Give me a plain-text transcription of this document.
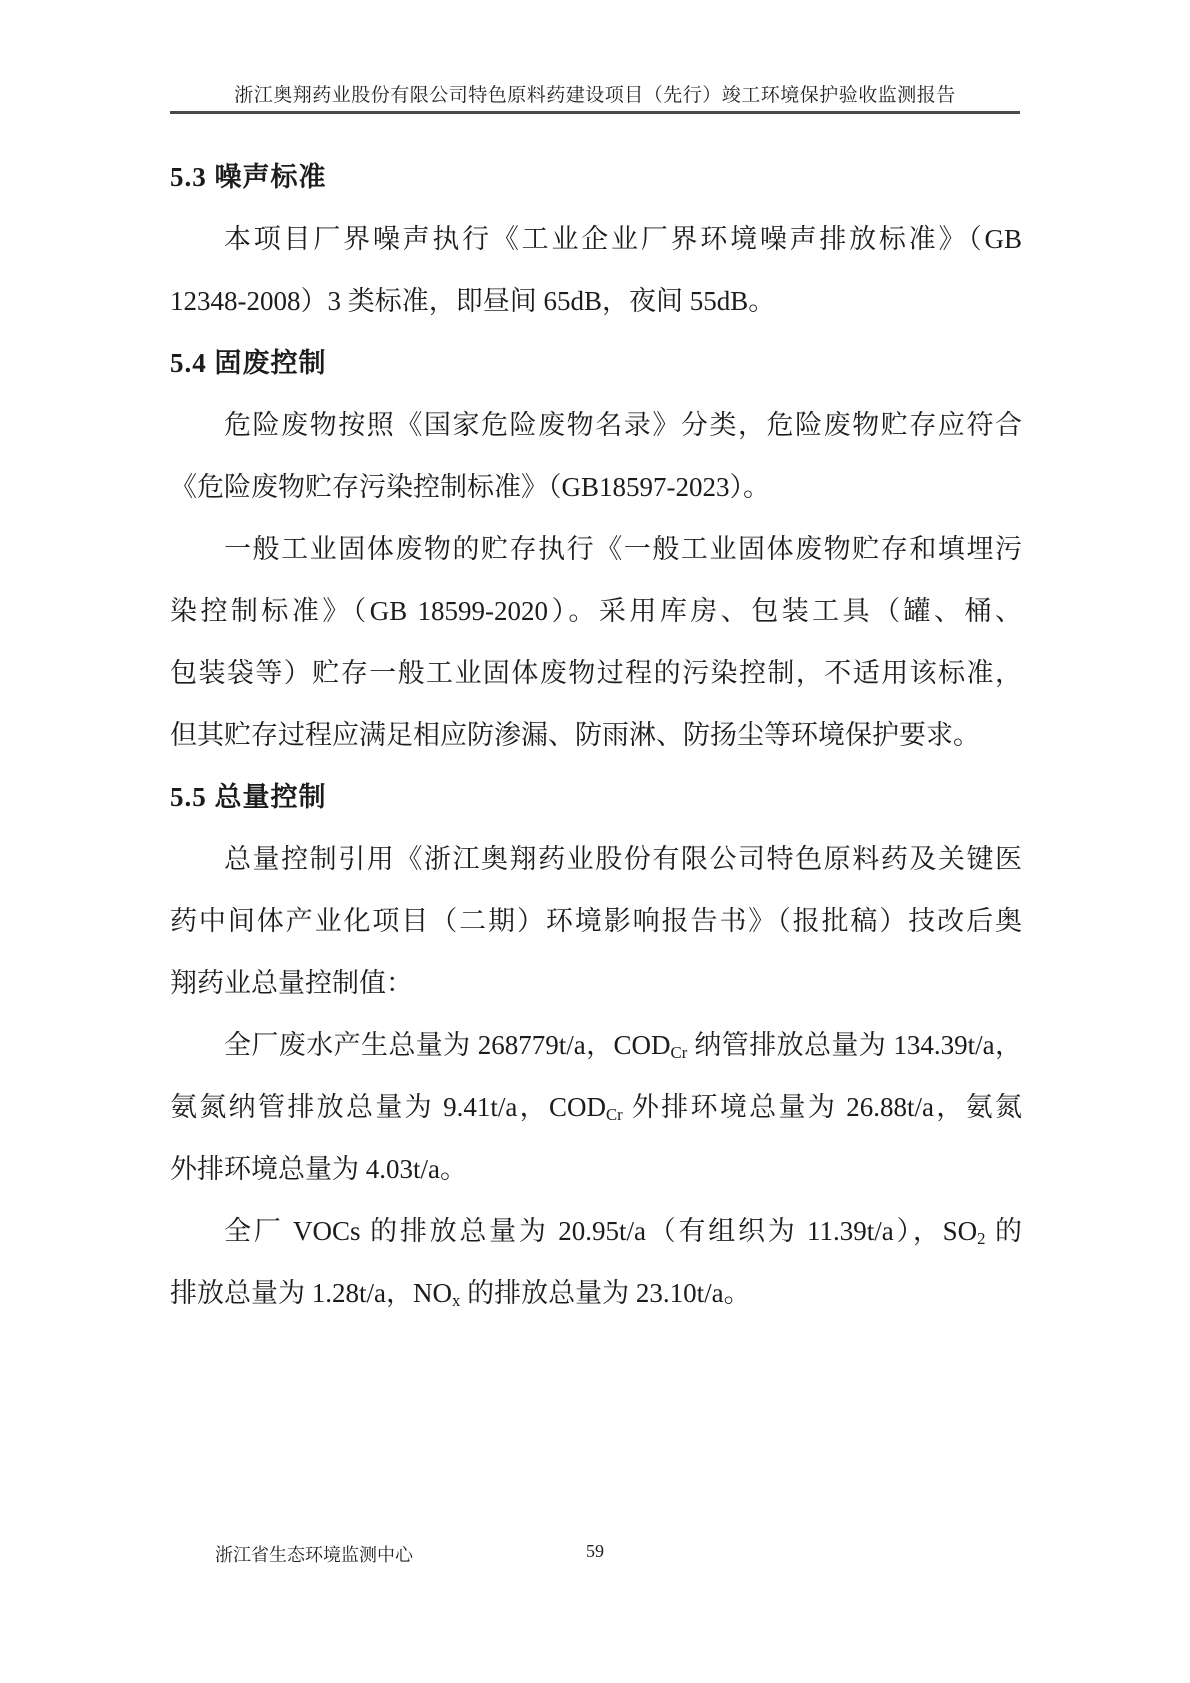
浙江奥翔药业股份有限公司特色原料药建设项目（先行）竣工环境保护验收监测报告
5.3 噪声标准
本项目厂界噪声执行《工业企业厂界环境噪声排放标准》（GB
12348-2008）3 类标准，即昼间 65dB，夜间 55dB。
5.4 固废控制
危险废物按照《国家危险废物名录》分类，危险废物贮存应符合
《危险废物贮存污染控制标准》（GB18597-2023）。
一般工业固体废物的贮存执行《一般工业固体废物贮存和填埋污
染控制标准》（GB 18599-2020）。采用库房、包装工具（罐、桶、
包装袋等）贮存一般工业固体废物过程的污染控制，不适用该标准，
但其贮存过程应满足相应防渗漏、防雨淋、防扬尘等环境保护要求。
5.5 总量控制
总量控制引用《浙江奥翔药业股份有限公司特色原料药及关键医
药中间体产业化项目（二期）环境影响报告书》（报批稿）技改后奥
翔药业总量控制值：
全厂废水产生总量为 268779t/a，$COD_{Cr}$ 纳管排放总量为 134.39t/a，
氨氮纳管排放总量为 9.41t/a，$COD_{Cr}$ 外排环境总量为 26.88t/a，氨氮
外排环境总量为 4.03t/a。
全厂 VOCs 的排放总量为 20.95t/a（有组织为 11.39t/a），$SO_2$ 的
排放总量为 1.28t/a，$NO_x$ 的排放总量为 23.10t/a。
浙江省生态环境监测中心	59
